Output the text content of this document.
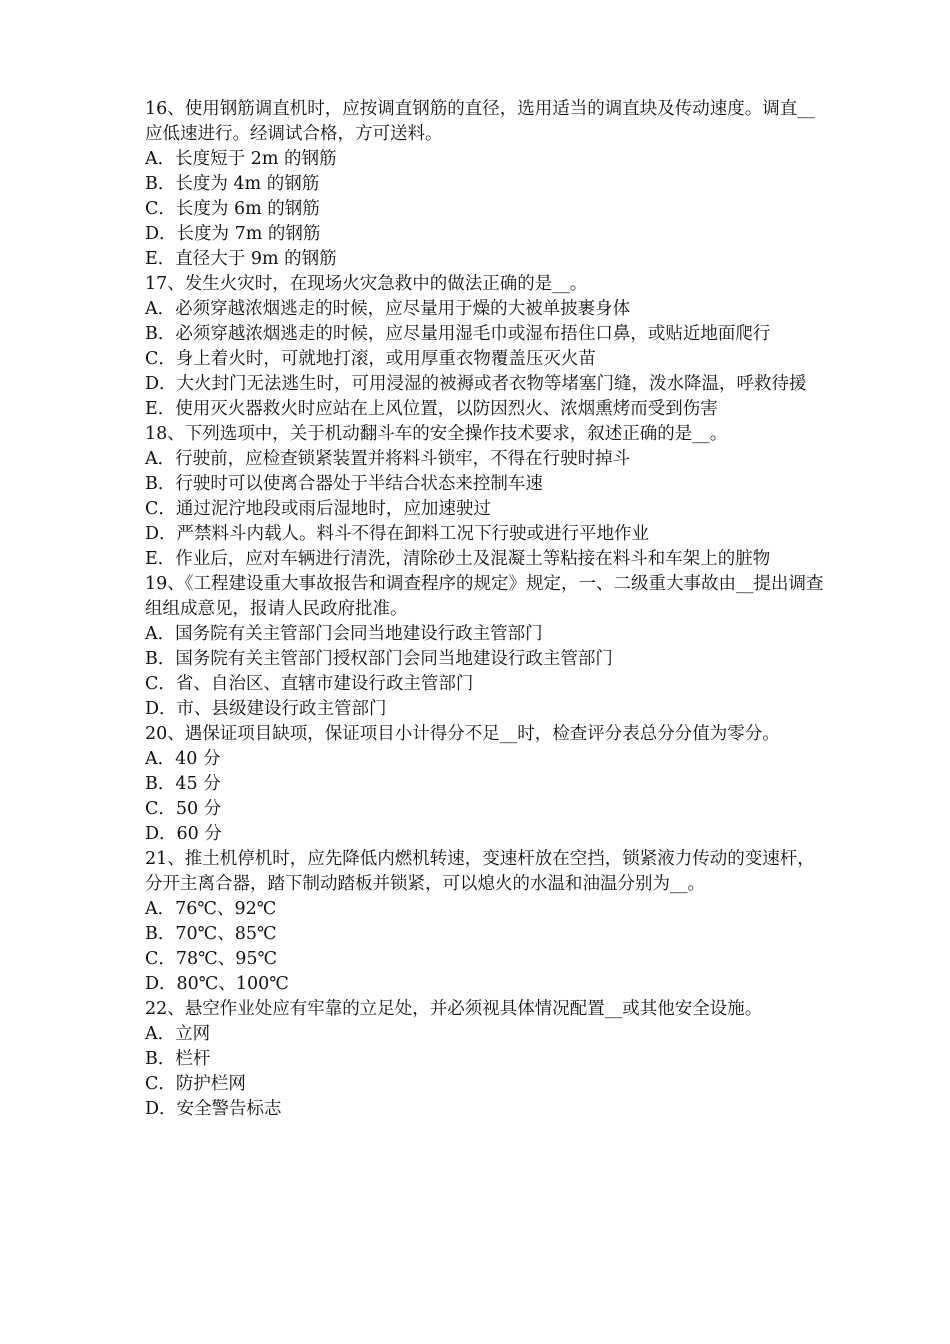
16、使用钢筋调直机时，应按调直钢筋的直径，选用适当的调直块及传动速度。调直__应低速进行。经调试合格，方可送料。
A．长度短于 2m 的钢筋
B．长度为 4m 的钢筋
C．长度为 6m 的钢筋
D．长度为 7m 的钢筋
E．直径大于 9m 的钢筋
17、发生火灾时，在现场火灾急救中的做法正确的是__。
A．必须穿越浓烟逃走的时候，应尽量用于燥的大被单披裹身体
B．必须穿越浓烟逃走的时候，应尽量用湿毛巾或湿布捂住口鼻，或贴近地面爬行
C．身上着火时，可就地打滚，或用厚重衣物覆盖压灭火苗
D．大火封门无法逃生时，可用浸湿的被褥或者衣物等堵塞门缝，泼水降温，呼救待援
E．使用灭火器救火时应站在上风位置，以防因烈火、浓烟熏烤而受到伤害
18、下列选项中，关于机动翻斗车的安全操作技术要求，叙述正确的是__。
A．行驶前，应检查锁紧装置并将料斗锁牢，不得在行驶时掉斗
B．行驶时可以使离合器处于半结合状态来控制车速
C．通过泥泞地段或雨后湿地时，应加速驶过
D．严禁料斗内载人。料斗不得在卸料工况下行驶或进行平地作业
E．作业后，应对车辆进行清洗，清除砂土及混凝土等粘接在料斗和车架上的脏物
19、《工程建设重大事故报告和调查程序的规定》规定，一、二级重大事故由__提出调查组组成意见，报请人民政府批准。
A．国务院有关主管部门会同当地建设行政主管部门
B．国务院有关主管部门授权部门会同当地建设行政主管部门
C．省、自治区、直辖市建设行政主管部门
D．市、县级建设行政主管部门
20、遇保证项目缺项，保证项目小计得分不足__时，检查评分表总分分值为零分。
A．40 分
B．45 分
C．50 分
D．60 分
21、推土机停机时，应先降低内燃机转速，变速杆放在空挡，锁紧液力传动的变速杆，分开主离合器，踏下制动踏板并锁紧，可以熄火的水温和油温分别为__。
A．76℃、92℃
B．70℃、85℃
C．78℃、95℃
D．80℃、100℃
22、悬空作业处应有牢靠的立足处，并必须视具体情况配置__或其他安全设施。
A．立网
B．栏杆
C．防护栏网
D．安全警告标志
